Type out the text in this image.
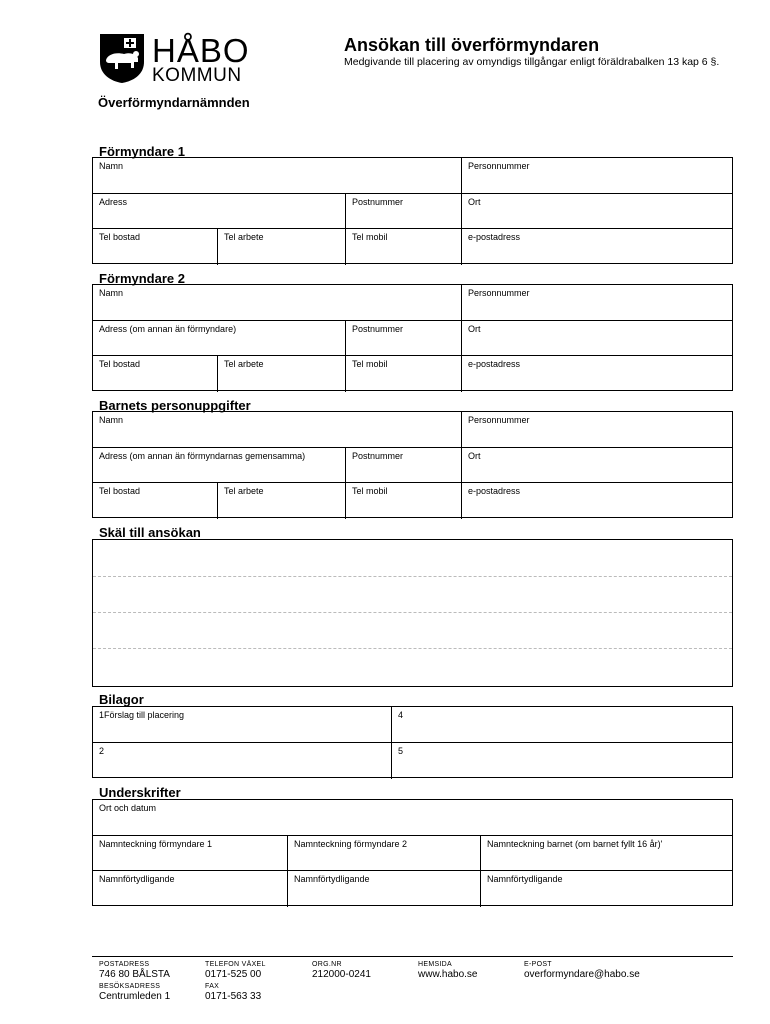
HÅBO
KOMMUN
Ansökan till överförmyndaren
Medgivande till placering av omyndigs tillgångar enligt föräldrabalken 13 kap 6 §.
Överförmyndarnämnden
Förmyndare 1
Namn	Personnummer
Adress	Postnummer	Ort
Tel bostad	Tel arbete	Tel mobil	e-postadress
Förmyndare 2
Namn	Personnummer
Adress (om annan än förmyndare)	Postnummer	Ort
Tel bostad	Tel arbete	Tel mobil	e-postadress
Barnets personuppgifter
Namn	Personnummer
Adress (om annan än förmyndarnas gemensamma)	Postnummer	Ort
Tel bostad	Tel arbete	Tel mobil	e-postadress
Skäl till ansökan
Bilagor
1Förslag till placering	4
2	5
Underskrifter
Ort och datum
Namnteckning förmyndare 1	Namnteckning förmyndare 2	Namnteckning barnet (om barnet fyllt 16 år)'
Namnförtydligande	Namnförtydligande	Namnförtydligande
POSTADRESS
746 80 BÅLSTA
BESÖKSADRESS
Centrumleden 1
TELEFON VÄXEL
0171-525 00
FAX
0171-563 33
ORG.NR
212000-0241
HEMSIDA
www.habo.se
E-POST
overformyndare@habo.se
